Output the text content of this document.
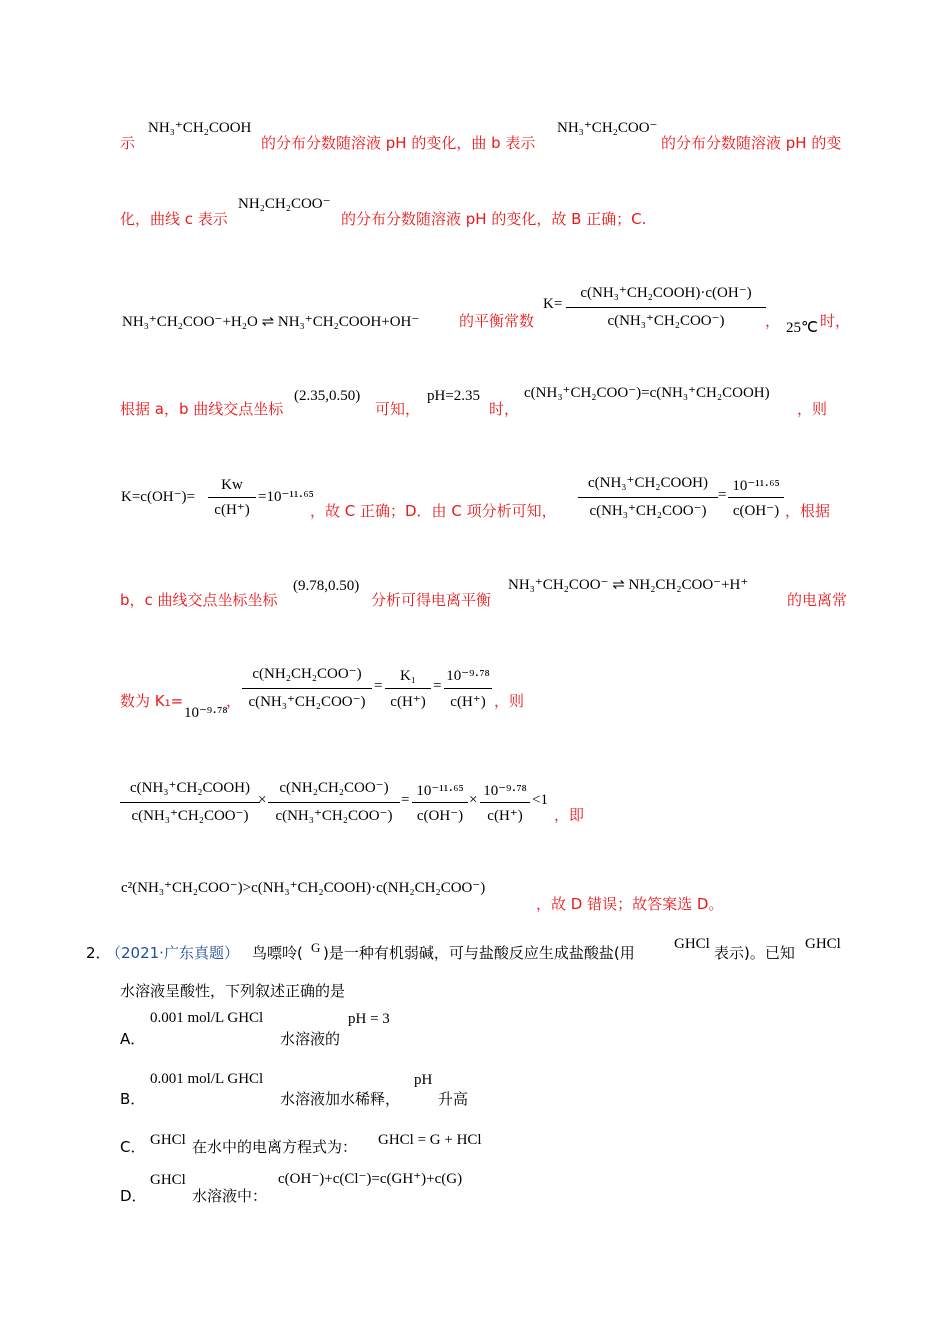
示
NH₃⁺CH₂COOH
的分布分数随溶液 pH 的变化，曲 b 表示
NH₃⁺CH₂COO⁻
的分布分数随溶液 pH 的变
化，曲线 c 表示
NH₂CH₂COO⁻
的分布分数随溶液 pH 的变化，故 B 正确；C.
NH₃⁺CH₂COO⁻+H₂O ⇌ NH₃⁺CH₂COOH+OH⁻	的平衡常数
K=
c(NH₃⁺CH₂COOH)·c(OH⁻)
c(NH₃⁺CH₂COO⁻)	， 25℃ 时，
根据 a，b 曲线交点坐标
(2.35,0.50)
可知，
pH=2.35
时，
c(NH₃⁺CH₂COO⁻)=c(NH₃⁺CH₂COOH)
，则
K=c(OH⁻)=
Kw
c(H⁺)
=10⁻¹¹·⁶⁵
，故 C 正确；D．由 C 项分析可知，
c(NH₃⁺CH₂COOH)
c(NH₃⁺CH₂COO⁻)
=
10⁻¹¹·⁶⁵
c(OH⁻) ，根据
b，c 曲线交点坐标坐标
(9.78,0.50)
分析可得电离平衡
NH₃⁺CH₂COO⁻ ⇌ NH₂CH₂COO⁻+H⁺
的电离常
数为 K₁=
10⁻⁹·⁷⁸
，
c(NH₂CH₂COO⁻)
c(NH₃⁺CH₂COO⁻)
=
K₁
c(H⁺)
=
10⁻⁹·⁷⁸
c(H⁺) ，则
c(NH₃⁺CH₂COOH)
c(NH₃⁺CH₂COO⁻)
×
c(NH₂CH₂COO⁻)
c(NH₃⁺CH₂COO⁻)
=
10⁻¹¹·⁶⁵
c(OH⁻)
×
10⁻⁹·⁷⁸
c(H⁺)
<1
，即
c²(NH₃⁺CH₂COO⁻)>c(NH₃⁺CH₂COOH)·c(NH₂CH₂COO⁻)
，故 D 错误；故答案选 D。
2．
（2021·广东真题） 鸟嘌呤( G )是一种有机弱碱，可与盐酸反应生成盐酸盐(用	GHCl 表示)。已知 GHCl
水溶液呈酸性，下列叙述正确的是
A．
0.001 mol/L GHCl
水溶液的
pH = 3
B．
0.001 mol/L GHCl
水溶液加水稀释，
pH
升高
C． GHCl 在水中的电离方程式为： GHCl = G + HCl
D．
GHCl
水溶液中：
c(OH⁻)+c(Cl⁻)=c(GH⁺)+c(G)
